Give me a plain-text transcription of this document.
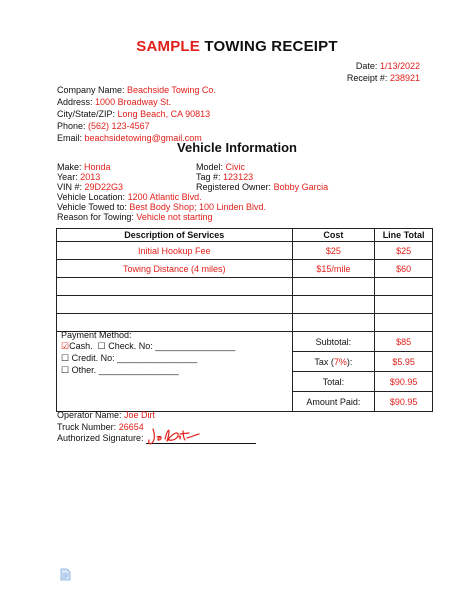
SAMPLE TOWING RECEIPT
Date: 1/13/2022
Receipt #: 238921
Company Name: Beachside Towing Co.
Address: 1000 Broadway St.
City/State/ZIP: Long Beach, CA 90813
Phone: (562) 123-4567
Email: beachsidetowing@gmail.com
Vehicle Information
Make: Honda	Model: Civic
Year: 2013	Tag #: 123123
VIN #: 29D22G3	Registered Owner: Bobby Garcia
Vehicle Location: 1200 Atlantic Blvd.
Vehicle Towed to: Best Body Shop; 100 Linden Blvd.
Reason for Towing: Vehicle not starting
Description of Services	Cost	Line Total
Initial Hookup Fee	$25	$25
Towing Distance (4 miles)	$15/mile	$60

	Subtotal:	$85
	Tax (7%):	$5.95
	Total:	$90.95
	Amount Paid:	$90.95
Payment Method:
☑Cash. ☐ Check. No: ________________
☐ Credit. No: ________________
☐ Other. ________________
Operator Name: Joe Dirt
Truck Number: 26654
Authorized Signature:
